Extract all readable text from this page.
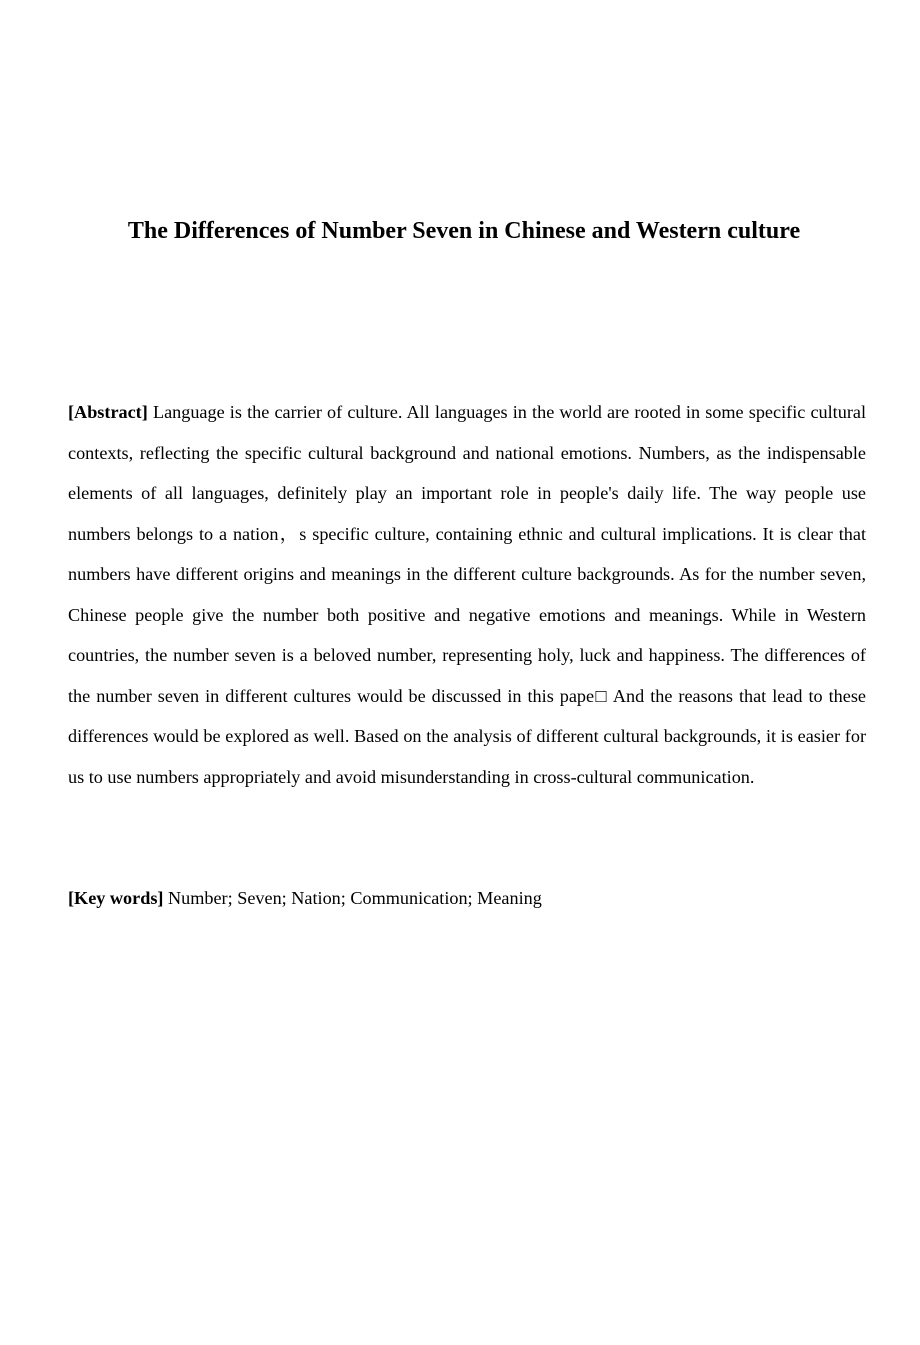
The Differences of Number Seven in Chinese and Western culture

[Abstract] Language is the carrier of culture. All languages in the world are rooted in some specific cultural contexts, reflecting the specific cultural background and national emotions. Numbers, as the indispensable elements of all languages, definitely play an important role in people's daily life. The way people use numbers belongs to a nation，s specific culture, containing ethnic and cultural implications. It is clear that numbers have different origins and meanings in the different culture backgrounds. As for the number seven, Chinese people give the number both positive and negative emotions and meanings. While in Western countries, the number seven is a beloved number, representing holy, luck and happiness. The differences of the number seven in different cultures would be discussed in this pape□ And the reasons that lead to these differences would be explored as well. Based on the analysis of different cultural backgrounds, it is easier for us to use numbers appropriately and avoid misunderstanding in cross-cultural communication.

[Key words] Number; Seven; Nation; Communication; Meaning
